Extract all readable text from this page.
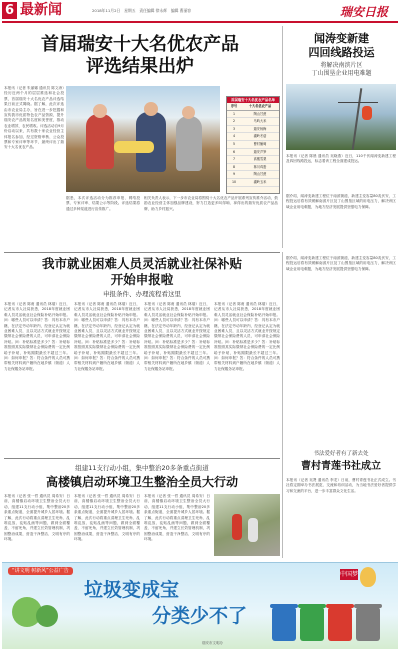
6 最新闻	2018年11月2日　星期五　责任编辑 徐永辉　编辑 曹丽容	瑞安日报
首届瑞安十大名优农产品
评选结果出炉
本报讯（记者 朱丽娜 通讯员 陈文涛）经历近两个月的层层推选和社会投票，首届瑞安十大名优农产品评选结果日前正式揭晓。据了解，此次评选由市农业局主办，旨在进一步挖掘和宣传我市优质特色农产品资源，提升瑞安农产品的知名度和美誉度，推动农业增效、农民增收。评选活动自9月份启动以来，共有数十家农业经营主体报名参加，经过资格审核、公众投票和专家评审等环节，最终评出了瑞安十大名优农产品。
首届瑞安十大名优农产品名单
序号	十大名优农产品
1	陶山甘蔗
2	马屿大米
3	瑞安杨梅
4	湖岭冬菇
5	曹村葡萄
6	瑞安芦笋
7	高楼雪梨
8	林川鸡蛋
9	陶山甘蔗
10	湖岭玉米
据悉，本次评选活动分为推荐申报、网络投票、专家评审、结果公示等阶段。评选结果将通过多种渠道进行宣传推广。
相关负责人表示，下一步市农业局将围绕十大名优农产品开展系列宣传推介活动，鼓励农业经营主体加强品牌建设，努力打造更多叫得响、拿得出的瑞安优质农产品品牌，助力乡村振兴。
闻涛变新建
四回线路投运
将解决南滨片区
丁山围垦企业用电难题
本报讯（记者 陈晨 通讯员 吴晓燕）近日，110千伏闻涛变新建工程及四回线路投运，标志着该工程全面建成投运。
据介绍，闻涛变新建工程位于南滨街道，新建主变容量80兆伏安，工程投运后将有效缓解南滨片区及丁山围垦区域的用电压力，解决该区域企业用电难题，为地方经济发展提供坚强电力保障。
我市就业困难人员灵活就业社保补贴
开始申报啦
申报条件、办理流程看这里
本报讯（记者 陈甫 通讯员 林瑞）近日，记者从市人社局获悉，2018年度就业困难人员灵活就业社会保险补贴开始申报。问：哪些人员可以申请？答：具有本市户籍，在法定劳动年龄内，经登记认定为就业困难人员，且以灵活方式就业并按规定缴纳社会保险费的人员，可申请社会保险补贴。问：补贴标准是多少？答：补贴标准按照其实际缴纳社会保险费的一定比例给予补贴，补贴期限最长不超过三年。问：如何申报？答：符合条件的人员可携带相关材料到户籍所在地乡镇（街道）人力社保服务站申报。
本报讯（记者 陈甫 通讯员 林瑞）近日，记者从市人社局获悉，2018年度就业困难人员灵活就业社会保险补贴开始申报。问：哪些人员可以申请？答：具有本市户籍，在法定劳动年龄内，经登记认定为就业困难人员，且以灵活方式就业并按规定缴纳社会保险费的人员，可申请社会保险补贴。问：补贴标准是多少？答：补贴标准按照其实际缴纳社会保险费的一定比例给予补贴，补贴期限最长不超过三年。问：如何申报？答：符合条件的人员可携带相关材料到户籍所在地乡镇（街道）人力社保服务站申报。
本报讯（记者 陈甫 通讯员 林瑞）近日，记者从市人社局获悉，2018年度就业困难人员灵活就业社会保险补贴开始申报。问：哪些人员可以申请？答：具有本市户籍，在法定劳动年龄内，经登记认定为就业困难人员，且以灵活方式就业并按规定缴纳社会保险费的人员，可申请社会保险补贴。问：补贴标准是多少？答：补贴标准按照其实际缴纳社会保险费的一定比例给予补贴，补贴期限最长不超过三年。问：如何申报？答：符合条件的人员可携带相关材料到户籍所在地乡镇（街道）人力社保服务站申报。
本报讯（记者 陈甫 通讯员 林瑞）近日，记者从市人社局获悉，2018年度就业困难人员灵活就业社会保险补贴开始申报。问：哪些人员可以申请？答：具有本市户籍，在法定劳动年龄内，经登记认定为就业困难人员，且以灵活方式就业并按规定缴纳社会保险费的人员，可申请社会保险补贴。问：补贴标准是多少？答：补贴标准按照其实际缴纳社会保险费的一定比例给予补贴，补贴期限最长不超过三年。问：如何申报？答：符合条件的人员可携带相关材料到户籍所在地乡镇（街道）人力社保服务站申报。
组建11支行动小组，集中整治20多条重点街道
高楼镇启动环境卫生整治全员大行动
本报讯（记者 张一哲 通讯员 周希安）日前，高楼镇启动环境卫生整治全员大行动，组建11支行动小组，集中整治20多条重点街道，全面提升城乡人居环境。据了解，此次行动将重点清理卫生死角、乱堆乱放、乱贴乱画等问题，做到全面覆盖、不留死角，并建立长效管理机制，巩固整治成果，营造干净整洁、文明有序的环境。
本报讯（记者 张一哲 通讯员 周希安）日前，高楼镇启动环境卫生整治全员大行动，组建11支行动小组，集中整治20多条重点街道，全面提升城乡人居环境。据了解，此次行动将重点清理卫生死角、乱堆乱放、乱贴乱画等问题，做到全面覆盖、不留死角，并建立长效管理机制，巩固整治成果，营造干净整洁、文明有序的环境。
本报讯（记者 张一哲 通讯员 周希安）日前，高楼镇启动环境卫生整治全员大行动，组建11支行动小组，集中整治20多条重点街道，全面提升城乡人居环境。据了解，此次行动将重点清理卫生死角、乱堆乱放、乱贴乱画等问题，做到全面覆盖、不留死角，并建立长效管理机制，巩固整治成果，营造干净整洁、文明有序的环境。
据介绍，闻涛变新建工程位于南滨街道，新建主变容量80兆伏安，工程投运后将有效缓解南滨片区及丁山围垦区域的用电压力，解决该区域企业用电难题，为地方经济发展提供坚强电力保障。
书法爱好者有了新去处
曹村青莲书社成立
本报讯（记者 吴贤 通讯员 李龙）日前，曹村青莲书社正式成立。书社将定期举办书法展览、交流和培训活动，为当地书法爱好者提供学习和交流的平台，进一步丰富群众文化生活。
“讲文明 树新风”公益广告
垃圾变成宝
分类少不了
中国梦
瑞安市文明办
